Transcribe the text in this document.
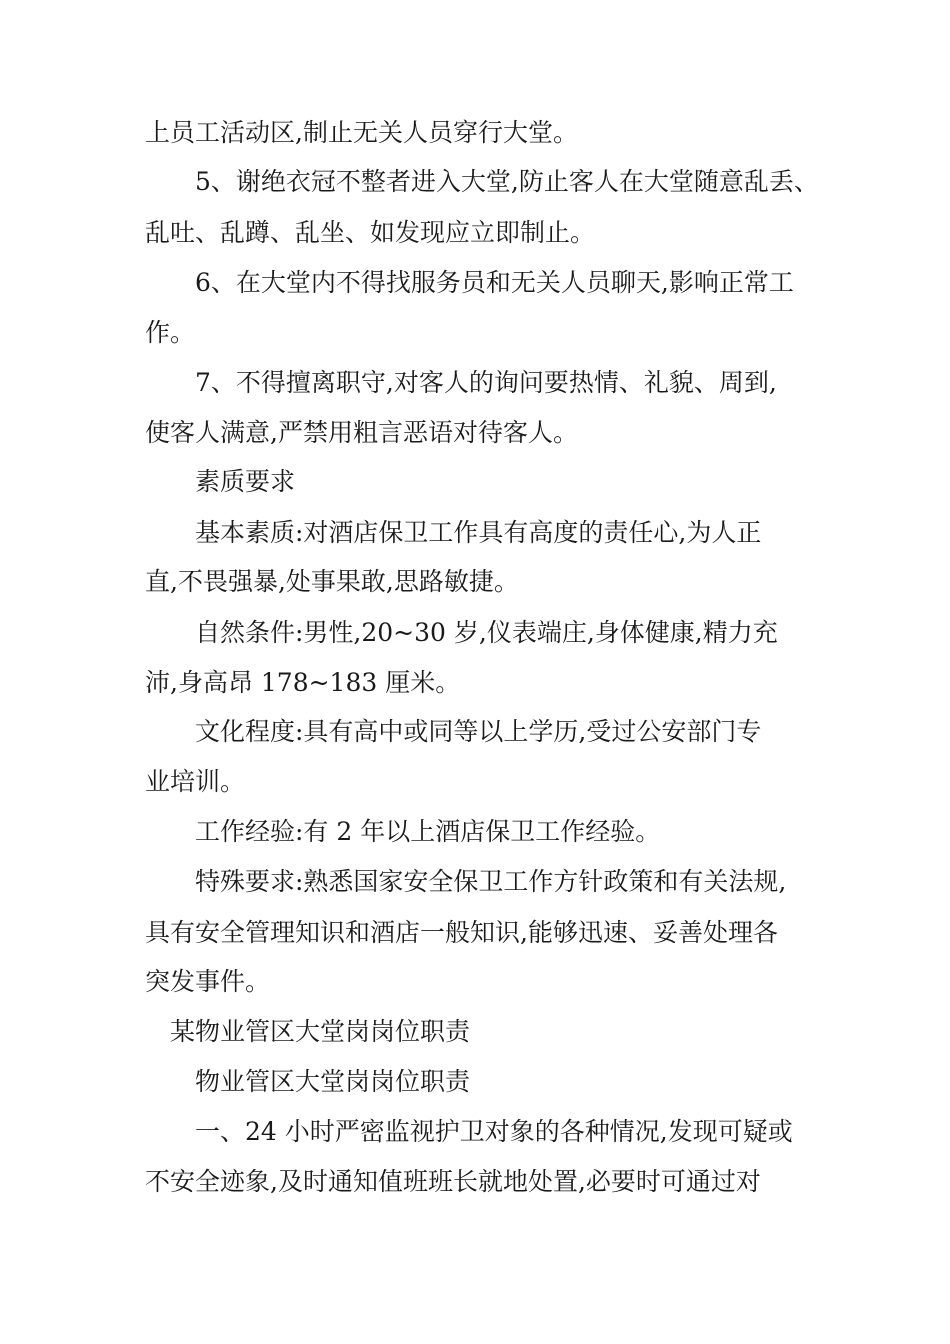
上员工活动区,制止无关人员穿行大堂。
5、谢绝衣冠不整者进入大堂,防止客人在大堂随意乱丢、
乱吐、乱蹲、乱坐、如发现应立即制止。
6、在大堂内不得找服务员和无关人员聊天,影响正常工
作。
7、不得擅离职守,对客人的询问要热情、礼貌、周到,
使客人满意,严禁用粗言恶语对待客人。
素质要求
基本素质:对酒店保卫工作具有高度的责任心,为人正
直,不畏强暴,处事果敢,思路敏捷。
自然条件:男性,20~30 岁,仪表端庄,身体健康,精力充
沛,身高昂 178~183 厘米。
文化程度:具有高中或同等以上学历,受过公安部门专
业培训。
工作经验:有 2 年以上酒店保卫工作经验。
特殊要求:熟悉国家安全保卫工作方针政策和有关法规,
具有安全管理知识和酒店一般知识,能够迅速、妥善处理各
突发事件。
某物业管区大堂岗岗位职责
物业管区大堂岗岗位职责
一、24 小时严密监视护卫对象的各种情况,发现可疑或
不安全迹象,及时通知值班班长就地处置,必要时可通过对
